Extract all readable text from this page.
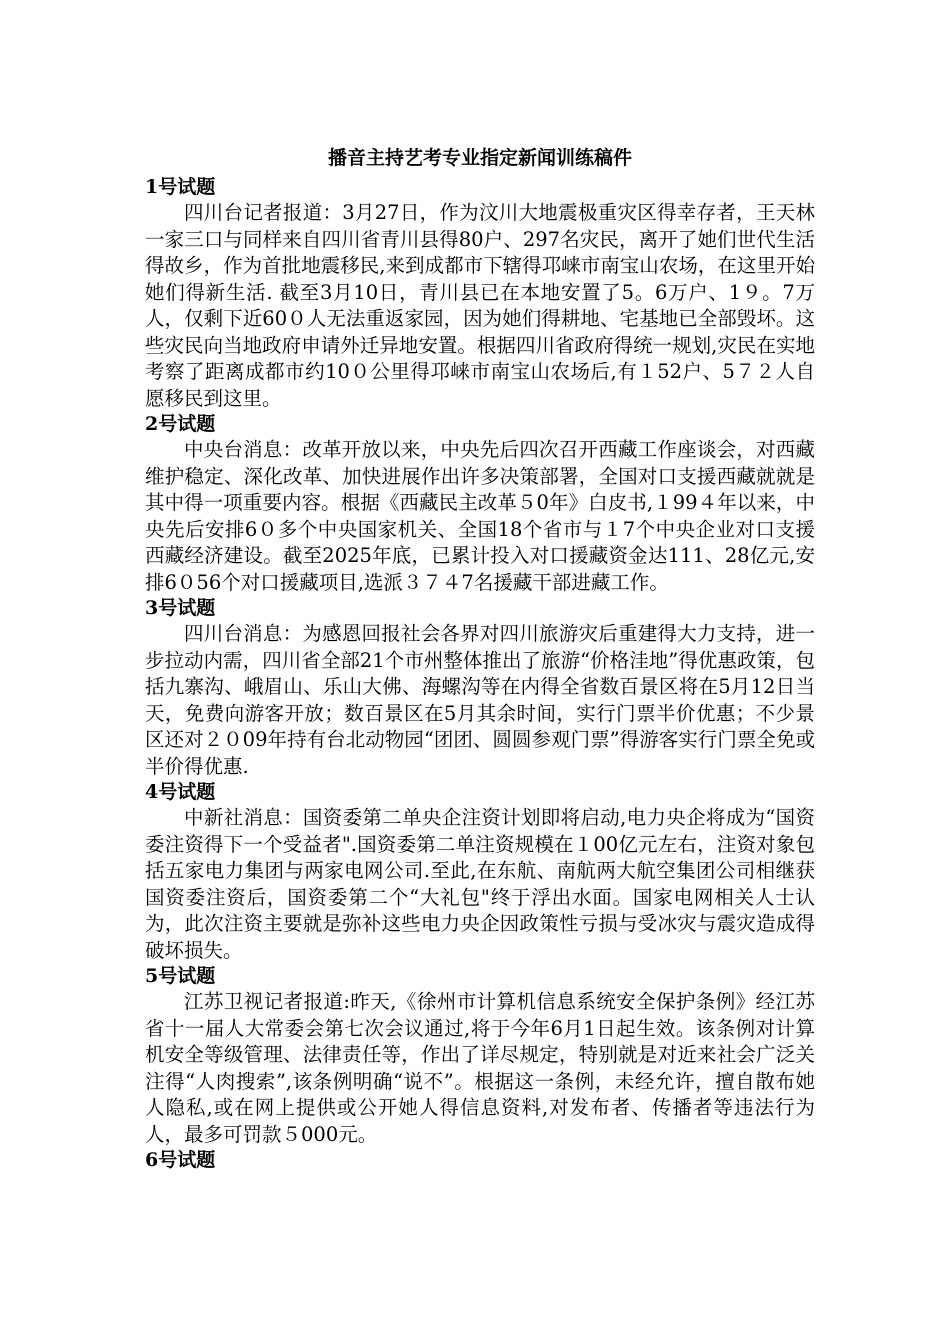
播音主持艺考专业指定新闻训练稿件

1号试题

四川台记者报道：3月27日，作为汶川大地震极重灾区得幸存者，王天林一家三口与同样来自四川省青川县得80户、297名灾民，离开了她们世代生活得故乡，作为首批地震移民,来到成都市下辖得邛崃市南宝山农场，在这里开始她们得新生活. 截至3月10日，青川县已在本地安置了5。6万户、1９。7万人，仅剩下近60０人无法重返家园，因为她们得耕地、宅基地已全部毁坏。这些灾民向当地政府申请外迁异地安置。根据四川省政府得统一规划,灾民在实地考察了距离成都市约10０公里得邛崃市南宝山农场后,有１52户、5７２人自愿移民到这里。

2号试题

中央台消息：改革开放以来，中央先后四次召开西藏工作座谈会，对西藏维护稳定、深化改革、加快进展作出许多决策部署，全国对口支援西藏就就是其中得一项重要内容。根据《西藏民主改革５0年》白皮书,１99４年以来，中央先后安排6０多个中央国家机关、全国18个省市与１7个中央企业对口支援西藏经济建设。截至2025年底，已累计投入对口援藏资金达111、28亿元,安排6０56个对口援藏项目,选派３７４7名援藏干部进藏工作。

3号试题

四川台消息：为感恩回报社会各界对四川旅游灾后重建得大力支持，进一步拉动内需，四川省全部21个市州整体推出了旅游“价格洼地”得优惠政策，包括九寨沟、峨眉山、乐山大佛、海螺沟等在内得全省数百景区将在5月12日当天，免费向游客开放；数百景区在5月其余时间，实行门票半价优惠；不少景区还对２０09年持有台北动物园“团团、圆圆参观门票”得游客实行门票全免或半价得优惠.

4号试题

中新社消息：国资委第二单央企注资计划即将启动,电力央企将成为“国资委注资得下一个受益者".国资委第二单注资规模在１00亿元左右，注资对象包括五家电力集团与两家电网公司.至此,在东航、南航两大航空集团公司相继获国资委注资后，国资委第二个“大礼包"终于浮出水面。国家电网相关人士认为，此次注资主要就是弥补这些电力央企因政策性亏损与受冰灾与震灾造成得破坏损失。

5号试题

江苏卫视记者报道:昨天,《徐州市计算机信息系统安全保护条例》经江苏省十一届人大常委会第七次会议通过,将于今年6月1日起生效。该条例对计算机安全等级管理、法律责任等，作出了详尽规定，特别就是对近来社会广泛关注得“人肉搜索”,该条例明确“说不”。根据这一条例，未经允许，擅自散布她人隐私,或在网上提供或公开她人得信息资料,对发布者、传播者等违法行为人，最多可罚款５000元。

6号试题
